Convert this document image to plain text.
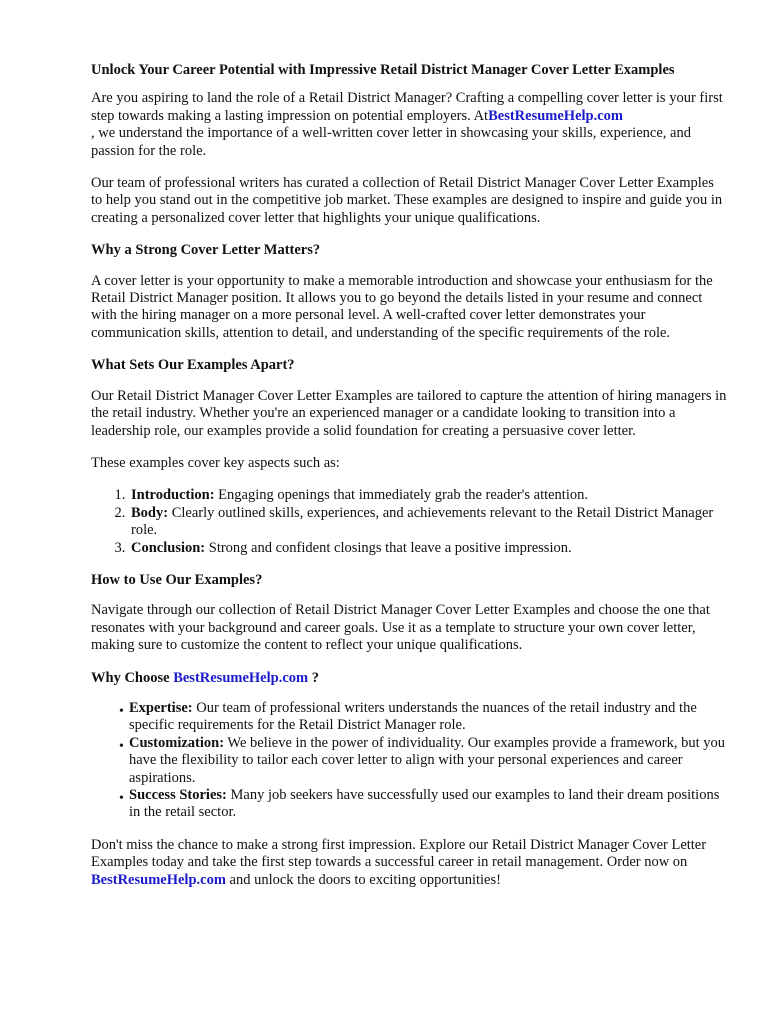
Unlock Your Career Potential with Impressive Retail District Manager Cover Letter Examples

Are you aspiring to land the role of a Retail District Manager? Crafting a compelling cover letter is your first step towards making a lasting impression on potential employers. AtBestResumeHelp.com
, we understand the importance of a well-written cover letter in showcasing your skills, experience, and passion for the role.

Our team of professional writers has curated a collection of Retail District Manager Cover Letter Examples to help you stand out in the competitive job market. These examples are designed to inspire and guide you in creating a personalized cover letter that highlights your unique qualifications.

Why a Strong Cover Letter Matters?

A cover letter is your opportunity to make a memorable introduction and showcase your enthusiasm for the Retail District Manager position. It allows you to go beyond the details listed in your resume and connect with the hiring manager on a more personal level. A well-crafted cover letter demonstrates your communication skills, attention to detail, and understanding of the specific requirements of the role.

What Sets Our Examples Apart?

Our Retail District Manager Cover Letter Examples are tailored to capture the attention of hiring managers in the retail industry. Whether you're an experienced manager or a candidate looking to transition into a leadership role, our examples provide a solid foundation for creating a persuasive cover letter.

These examples cover key aspects such as:

1. Introduction: Engaging openings that immediately grab the reader's attention.
2. Body: Clearly outlined skills, experiences, and achievements relevant to the Retail District Manager role.
3. Conclusion: Strong and confident closings that leave a positive impression.
How to Use Our Examples?

Navigate through our collection of Retail District Manager Cover Letter Examples and choose the one that resonates with your background and career goals. Use it as a template to structure your own cover letter, making sure to customize the content to reflect your unique qualifications.

Why Choose BestResumeHelp.com ?
• Expertise: Our team of professional writers understands the nuances of the retail industry and the specific requirements for the Retail District Manager role.
• Customization: We believe in the power of individuality. Our examples provide a framework, but you have the flexibility to tailor each cover letter to align with your personal experiences and career aspirations.
• Success Stories: Many job seekers have successfully used our examples to land their dream positions in the retail sector.

Don't miss the chance to make a strong first impression. Explore our Retail District Manager Cover Letter Examples today and take the first step towards a successful career in retail management. Order now on BestResumeHelp.com and unlock the doors to exciting opportunities!
